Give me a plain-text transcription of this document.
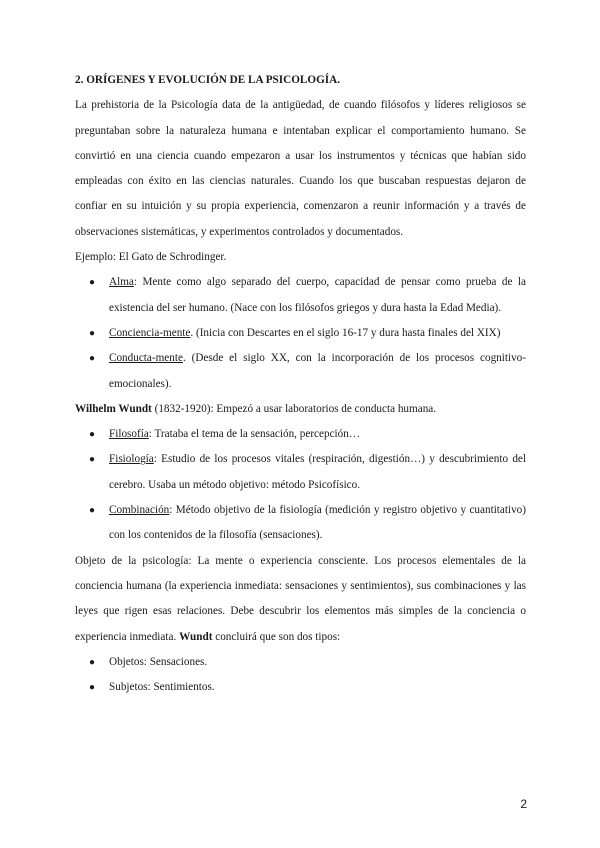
2. ORÍGENES Y EVOLUCIÓN DE LA PSICOLOGÍA.

La prehistoria de la Psicología data de la antigüedad, de cuando filósofos y líderes religiosos se preguntaban sobre la naturaleza humana e intentaban explicar el comportamiento humano. Se convirtió en una ciencia cuando empezaron a usar los instrumentos y técnicas que habían sido empleadas con éxito en las ciencias naturales. Cuando los que buscaban respuestas dejaron de confiar en su intuición y su propia experiencia, comenzaron a reunir información y a través de observaciones sistemáticas, y experimentos controlados y documentados.

Ejemplo: El Gato de Schrodinger.

● Alma: Mente como algo separado del cuerpo, capacidad de pensar como prueba de la existencia del ser humano. (Nace con los filósofos griegos y dura hasta la Edad Media).
● Conciencia-mente. (Inicia con Descartes en el siglo 16-17 y dura hasta finales del XIX)
● Conducta-mente. (Desde el siglo XX, con la incorporación de los procesos cognitivo-emocionales).

Wilhelm Wundt (1832-1920): Empezó a usar laboratorios de conducta humana.

● Filosofía: Trataba el tema de la sensación, percepción…
● Fisiología: Estudio de los procesos vitales (respiración, digestión…) y descubrimiento del cerebro. Usaba un método objetivo: método Psicofísico.
● Combinación: Método objetivo de la fisiología (medición y registro objetivo y cuantitativo) con los contenidos de la filosofía (sensaciones).

Objeto de la psicología: La mente o experiencia consciente. Los procesos elementales de la conciencia humana (la experiencia inmediata: sensaciones y sentimientos), sus combinaciones y las leyes que rigen esas relaciones. Debe descubrir los elementos más simples de la conciencia o experiencia inmediata. Wundt concluirá que son dos tipos:

● Objetos: Sensaciones.
● Subjetos: Sentimientos.
2
